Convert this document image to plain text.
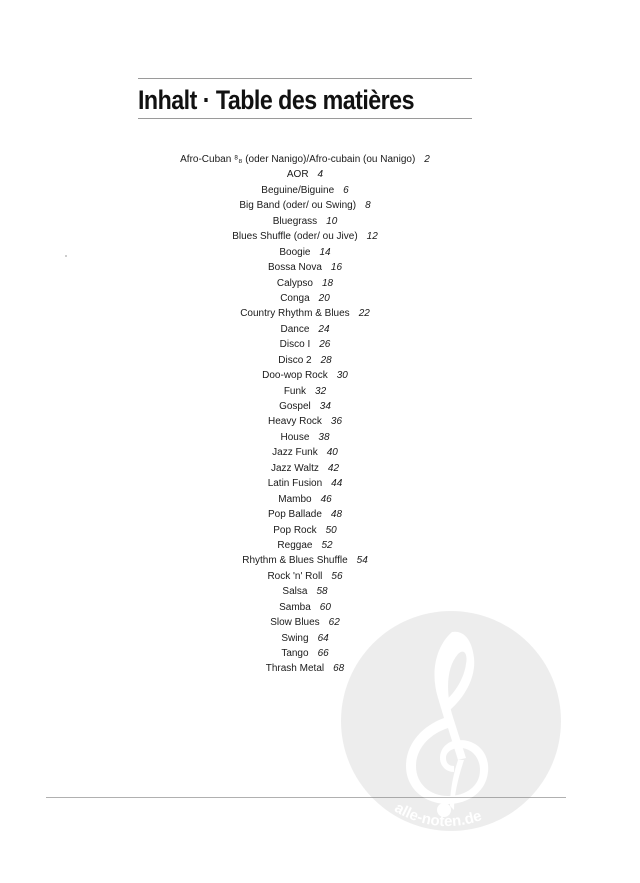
Inhalt · Table des matières
Afro-Cuban ⁸₈ (oder Nanigo)/Afro-cubain (ou Nanigo) 2
AOR 4
Beguine/Biguine 6
Big Band (oder/ ou Swing) 8
Bluegrass 10
Blues Shuffle (oder/ ou Jive) 12
Boogie 14
Bossa Nova 16
Calypso 18
Conga 20
Country Rhythm & Blues 22
Dance 24
Disco I 26
Disco 2 28
Doo-wop Rock 30
Funk 32
Gospel 34
Heavy Rock 36
House 38
Jazz Funk 40
Jazz Waltz 42
Latin Fusion 44
Mambo 46
Pop Ballade 48
Pop Rock 50
Reggae 52
Rhythm & Blues Shuffle 54
Rock 'n' Roll 56
Salsa 58
Samba 60
Slow Blues 62
Swing 64
Tango 66
Thrash Metal 68
alle-noten.de
